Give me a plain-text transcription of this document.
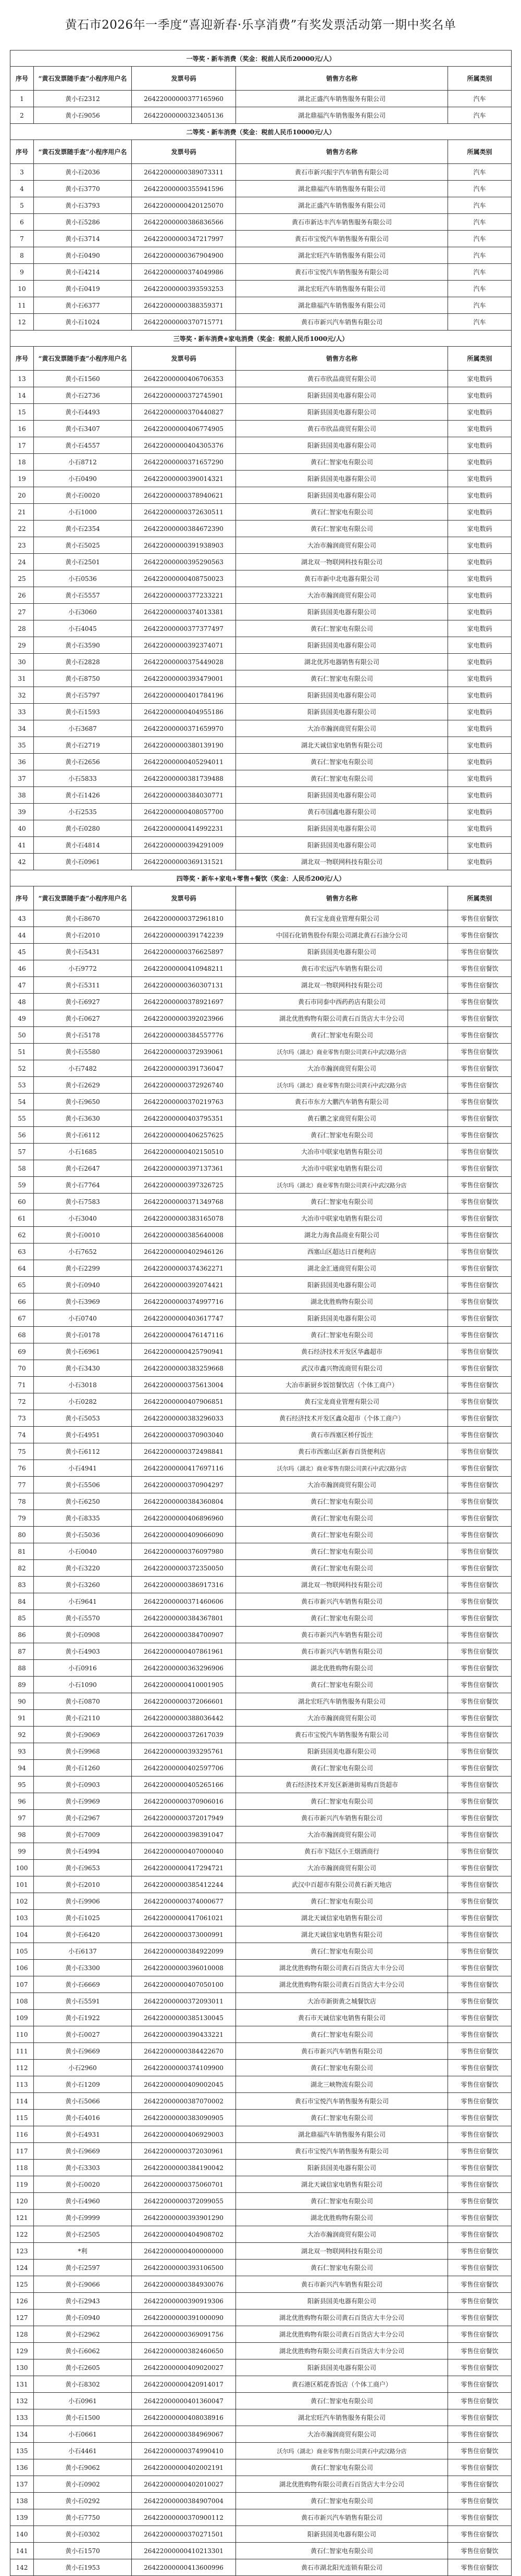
黄石市2026年一季度“喜迎新春·乐享消费”有奖发票活动第一期中奖名单
一等奖・新车消费（奖金：税前人民币20000元/人）				
序号	“黄石发票随手查”小程序用户名	发票号码	销售方名称	所属类别
1	黄小石2312	26422000000377165960	湖北正盛汽车销售服务有限公司	汽车
2	黄小石9056	26422000000323405136	湖北鼎福汽车销售服务有限公司	汽车
二等奖・新车消费（奖金：税前人民币10000元/人）				
序号	“黄石发票随手查”小程序用户名	发票号码	销售方名称	所属类别
3	黄小石2036	26422000000389073311	黄石市新兴振宇汽车销售有限公司	汽车
4	黄小石3770	26422000000355941596	湖北鼎福汽车销售服务有限公司	汽车
5	黄小石3793	26422000000420125070	湖北正盛汽车销售服务有限公司	汽车
6	黄小石5286	26422000000386836566	黄石市新达丰汽车销售服务有限公司	汽车
7	黄小石3714	26422000000347217997	黄石市宝悦汽车销售服务有限公司	汽车
8	黄小石0490	26422000000367904900	湖北宏旺汽车销售服务有限公司	汽车
9	黄小石4214	26422000000374049986	黄石市宝悦汽车销售服务有限公司	汽车
10	黄小石0419	26422000000393593253	湖北宏旺汽车销售服务有限公司	汽车
11	黄小石6377	26422000000388359371	湖北鼎福汽车销售服务有限公司	汽车
12	黄小石1024	26422000000370715771	黄石市新兴汽车销售有限公司	汽车
三等奖・新车消费+家电消费（奖金：税前人民币1000元/人）				
序号	“黄石发票随手查”小程序用户名	发票号码	销售方名称	所属类别
13	黄小石1560	26422000000406706353	黄石市欣品商贸有限公司	家电数码
14	黄小石2736	26422000000372745901	阳新县国美电器有限公司	家电数码
15	黄小石4493	26422000000370440827	阳新县国美电器有限公司	家电数码
16	黄小石3407	26422000000406774905	黄石市欣品商贸有限公司	家电数码
17	黄小石4557	26422000000404305376	阳新县国美电器有限公司	家电数码
18	小石8712	26422000000371657290	黄石仁智家电有限公司	家电数码
19	小石0490	26422000000390014321	阳新县国美电器有限公司	家电数码
20	黄小石0020	26422000000378940621	阳新县国美电器有限公司	家电数码
21	小石1000	26422000000372630511	黄石仁智家电有限公司	家电数码
22	黄小石2354	26422000000384672390	黄石仁智家电有限公司	家电数码
23	黄小石5025	26422000000391938903	大冶市瀚润商贸有限公司	家电数码
24	黄小石2501	26422000000395290563	湖北双一物联网科技有限公司	家电数码
25	小石0536	26422000000408750023	黄石市新中北电器有限公司	家电数码
26	黄小石5557	26422000000377233221	大冶市瀚润商贸有限公司	家电数码
27	小石3060	26422000000374013381	阳新县国美电器有限公司	家电数码
28	小石4045	26422000000377377497	黄石仁智家电有限公司	家电数码
29	黄小石3590	26422000000392374071	阳新县国美电器有限公司	家电数码
30	黄小石2828	26422000000375449028	湖北优苏电器销售有限公司	家电数码
31	黄小石8750	26422000000393479001	黄石仁智家电有限公司	家电数码
32	黄小石5797	26422000000401784196	阳新县国美电器有限公司	家电数码
33	黄小石1593	26422000000404955186	阳新县国美电器有限公司	家电数码
34	小石3687	26422000000371659970	大冶市瀚润商贸有限公司	家电数码
35	黄小石2719	26422000000380139190	湖北天诚信家电销售有限公司	家电数码
36	黄小石2656	26422000000405294011	黄石仁智家电有限公司	家电数码
37	小石5833	26422000000381739488	黄石仁智家电有限公司	家电数码
38	黄小石1426	26422000000384030771	阳新县国美电器有限公司	家电数码
39	小石2535	26422000000408057700	黄石市国鑫电器有限公司	家电数码
40	黄小石0280	26422000000414992231	阳新县国美电器有限公司	家电数码
41	黄小石4814	26422000000394291009	阳新县国美电器有限公司	家电数码
42	黄小石0961	26422000000369131521	湖北双一物联网科技有限公司	家电数码
四等奖・新车+家电+零售+餐饮（奖金：人民币200元/人）				
序号	“黄石发票随手查”小程序用户名	发票号码	销售方名称	所属类别
43	黄小石8670	26422000000372961810	黄石宝龙商业管理有限公司	零售住宿餐饮
44	黄小石2010	26422000000391742239	中国石化销售股份有限公司湖北黄石石油分公司	零售住宿餐饮
45	黄小石5431	26422000000376625897	阳新县国美电器有限公司	零售住宿餐饮
46	小石9772	26422000000410948211	黄石市宏远汽车销售有限公司	零售住宿餐饮
47	黄小石5311	26422000000360307131	湖北双一物联网科技有限公司	零售住宿餐饮
48	黄小石6927	26422000000378921697	黄石市同泰中西药药店有限公司	零售住宿餐饮
49	黄小石0627	26422000000392023966	湖北优胜购物有限公司黄石百货店大丰分公司	零售住宿餐饮
50	黄小石5178	26422000000384557776	黄石仁智家电有限公司	零售住宿餐饮
51	黄小石5580	26422000000372939061	沃尔玛（湖北）商业零售有限公司黄石中武汉路分店	零售住宿餐饮
52	小石7482	26422000000391736047	大冶市瀚润商贸有限公司	零售住宿餐饮
53	黄小石2629	26422000000372926740	沃尔玛（湖北）商业零售有限公司黄石中武汉路分店	零售住宿餐饮
54	黄小石9650	26422000000370219763	黄石市东方大鹏汽车销售有限公司	零售住宿餐饮
55	黄小石3630	26422000000403795351	黄石鹏之家商贸有限公司	零售住宿餐饮
56	黄小石6112	26422000000406257625	黄石仁智家电有限公司	零售住宿餐饮
57	小石1685	26422000000402150510	大冶市中联家电销售有限公司	零售住宿餐饮
58	黄小石2647	26422000000397137361	大冶市中联家电销售有限公司	零售住宿餐饮
59	黄小石7764	26422000000397326725	沃尔玛（湖北）商业零售有限公司黄石中武汉路分店	零售住宿餐饮
60	黄小石7583	26422000000371349768	黄石仁智家电有限公司	零售住宿餐饮
61	小石3040	26422000000383165078	大冶市中联家电销售有限公司	零售住宿餐饮
62	黄小石0010	26422000000385640008	湖北力海食品商业有限公司	零售住宿餐饮
63	小石7652	26422000000402946126	西塞山区超达日百便利店	零售住宿餐饮
64	黄小石2299	26422000000374362271	湖北金汇通商贸有限公司	零售住宿餐饮
65	黄小石0940	26422000000392074421	阳新县国美电器有限公司	零售住宿餐饮
66	黄小石3969	26422000000374997716	湖北优胜购物有限公司	零售住宿餐饮
67	小石0740	26422000000403617747	阳新县国美电器有限公司	零售住宿餐饮
68	黄小石0178	26422000000476147116	黄石仁智家电有限公司	零售住宿餐饮
69	黄小石6961	26422000000425790941	黄石经济技术开发区华鑫超市	零售住宿餐饮
70	黄小石3430	26422000000383259668	武汉市鑫兴物流商贸有限公司	零售住宿餐饮
71	小石3018	26422000000375613004	大冶市新厨乡饭馆餐饮店（个体工商户）	零售住宿餐饮
72	小石0282	26422000000407906851	黄石宝龙商业管理有限公司	零售住宿餐饮
73	黄小石5053	26422000000383296033	黄石经济技术开发区鑫众超市（个体工商户）	零售住宿餐饮
74	黄小石4951	26422000000370903040	黄石市西塞区桥仔饭庄	零售住宿餐饮
75	黄小石6112	26422000000372498841	黄石市西塞山区新春百货便利店	零售住宿餐饮
76	小石4941	26422000000417697116	沃尔玛（湖北）商业零售有限公司黄石中武汉路分店	零售住宿餐饮
77	黄小石5506	26422000000370904297	大冶市瀚润商贸有限公司	零售住宿餐饮
78	黄小石6250	26422000000384360804	黄石仁智家电有限公司	零售住宿餐饮
79	黄小石8335	26422000000406896960	黄石仁智家电有限公司	零售住宿餐饮
80	黄小石5036	26422000000409066090	黄石仁智家电有限公司	零售住宿餐饮
81	小石0040	26422000000376097980	黄石仁智家电有限公司	零售住宿餐饮
82	黄小石3220	26422000000372350050	黄石仁智家电有限公司	零售住宿餐饮
83	黄小石3260	26422000000386917316	湖北双一物联网科技有限公司	零售住宿餐饮
84	小石9641	26422000000371460606	黄石市新兴汽车销售有限公司	零售住宿餐饮
85	黄小石5570	26422000000384367801	黄石仁智家电有限公司	零售住宿餐饮
86	黄小石0908	26422000000384700907	黄石市新兴汽车销售有限公司	零售住宿餐饮
87	黄小石4903	26422000000407861961	黄石市新兴汽车销售有限公司	零售住宿餐饮
88	小石0916	26422000000363296906	湖北优胜购物有限公司	零售住宿餐饮
89	小石1090	26422000000410001905	黄石仁智家电有限公司	零售住宿餐饮
90	黄小石0870	26422000000372066601	湖北宏旺汽车销售服务有限公司	零售住宿餐饮
91	黄小石2110	26422000000388036442	大冶市瀚润商贸有限公司	零售住宿餐饮
92	黄小石9069	26422000000372617039	黄石市宝悦汽车销售服务有限公司	零售住宿餐饮
93	黄小石9968	26422000000393295761	阳新县国美电器有限公司	零售住宿餐饮
94	黄小石1260	26422000000402597706	黄石仁智家电有限公司	零售住宿餐饮
95	黄小石0903	26422000000405265166	黄石经济技术开发区新港街易购百货超市	零售住宿餐饮
96	黄小石9969	26422000000370906016	黄石仁智家电有限公司	零售住宿餐饮
97	黄小石2967	26422000000372017949	黄石市新兴汽车销售有限公司	零售住宿餐饮
98	黄小石7009	26422000000398391047	大冶市瀚润商贸有限公司	零售住宿餐饮
99	黄小石4994	26422000000407000040	黄石市下陆区小王烟酒商行	零售住宿餐饮
100	黄小石9653	26422000000417294721	大冶市瀚润商贸有限公司	零售住宿餐饮
101	黄小石2010	26422000000385412244	武汉中百超市有限公司黄石新天地店	零售住宿餐饮
102	黄小石9906	26422000000374000677	黄石仁智家电有限公司	零售住宿餐饮
103	黄小石1025	26422000000417061021	湖北天诚信家电销售有限公司	零售住宿餐饮
104	黄小石6420	26422000000373000991	湖北天诚信家电销售有限公司	零售住宿餐饮
105	小石6137	26422000000384922099	黄石仁智家电有限公司	零售住宿餐饮
106	黄小石3300	26422000000396010008	湖北优胜购物有限公司黄石百货店大丰分公司	零售住宿餐饮
107	黄小石6669	26422000000407050100	湖北优胜购物有限公司黄石百货店大丰分公司	零售住宿餐饮
108	黄小石5591	26422000000372093011	大冶市新街黄之城餐饮店	零售住宿餐饮
109	黄小石1922	26422000000385130045	黄石市天诚信家电销售有限公司	零售住宿餐饮
110	黄小石0027	26422000000390433221	黄石仁智家电有限公司	零售住宿餐饮
111	黄小石9669	26422000000384422670	黄石市新兴汽车销售有限公司	零售住宿餐饮
112	小石2960	26422000000374109900	黄石仁智家电有限公司	零售住宿餐饮
113	黄小石1209	26422000000409002045	湖北三峡物流有限公司	零售住宿餐饮
114	黄小石5066	26422000000387070002	黄石市宝悦汽车销售服务有限公司	零售住宿餐饮
115	黄小石4016	26422000000383090905	黄石仁智家电有限公司	零售住宿餐饮
116	黄小石4931	26422000000406929003	湖北鼎福汽车销售服务有限公司	零售住宿餐饮
117	黄小石9669	26422000000372030961	黄石市宝悦汽车销售服务有限公司	零售住宿餐饮
118	黄小石3303	26422000000384190042	阳新县国美电器有限公司	零售住宿餐饮
119	黄小石0020	26422000000375060701	湖北天诚信家电销售有限公司	零售住宿餐饮
120	黄小石4960	26422000000372099055	黄石仁智家电有限公司	零售住宿餐饮
121	黄小石9999	26422000000393901290	湖北优胜购物有限公司	零售住宿餐饮
122	黄小石2505	26422000000404908702	大冶市瀚润商贸有限公司	零售住宿餐饮
123	*利	26422000000400000000	湖北双一物联网科技有限公司	零售住宿餐饮
124	黄小石2597	26422000000393106500	黄石仁智家电有限公司	零售住宿餐饮
125	黄小石9066	26422000000384930076	黄石市新兴汽车销售有限公司	零售住宿餐饮
126	黄小石2943	26422000000390919306	阳新县国美电器有限公司	零售住宿餐饮
127	黄小石0940	26422000000391000090	湖北优胜购物有限公司黄石百货店大丰分公司	零售住宿餐饮
128	黄小石2962	26422000000369091756	湖北优胜购物有限公司黄石百货店大丰分公司	零售住宿餐饮
129	黄小石6062	26422000000382460650	湖北优胜购物有限公司黄石百货店大丰分公司	零售住宿餐饮
130	黄小石2605	26422000000409020027	阳新县国美电器有限公司	零售住宿餐饮
131	黄小石8302	26422000000420914017	黄石港区稻花香饭店（个体工商户）	零售住宿餐饮
132	小石0961	26422000000401360047	黄石仁智家电有限公司	零售住宿餐饮
133	黄小石1500	26422000000408038916	湖北宏旺汽车销售服务有限公司	零售住宿餐饮
134	小石0661	26422000000384969067	大冶市瀚润商贸有限公司	零售住宿餐饮
135	小石4461	26422000000374990410	沃尔玛（湖北）商业零售有限公司黄石中武汉路分店	零售住宿餐饮
136	黄小石9062	26422000000402002191	黄石仁智家电有限公司	零售住宿餐饮
137	黄小石0902	26422000000402010027	湖北优胜购物有限公司黄石百货店大丰分公司	零售住宿餐饮
138	黄小石0292	26422000000384907004	黄石仁智家电有限公司	零售住宿餐饮
139	黄小石7750	26422000000370900112	黄石市新兴汽车销售有限公司	零售住宿餐饮
140	黄小石0302	26422000000370271501	阳新县国美电器有限公司	零售住宿餐饮
141	黄小石1570	26422000000410213301	黄石仁智家电有限公司	零售住宿餐饮
142	黄小石1953	26422000000413600996	黄石市湖北阳光连锁有限公司	零售住宿餐饮
